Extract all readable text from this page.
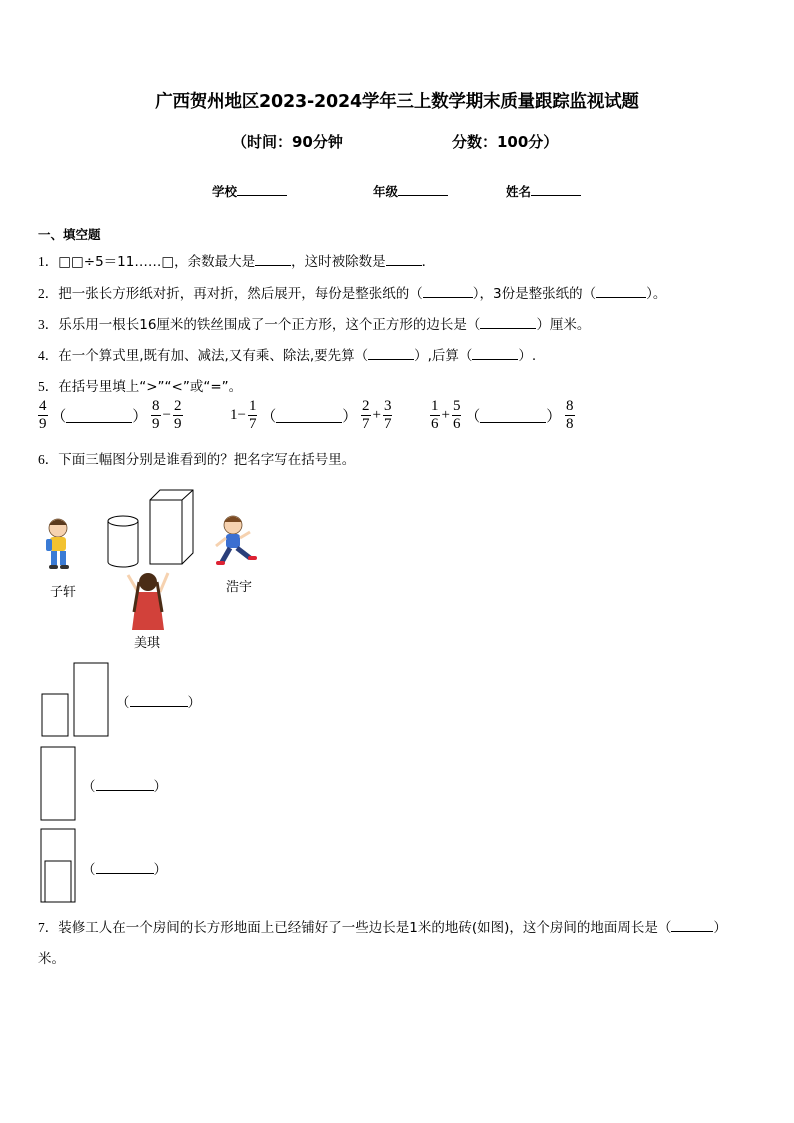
广西贺州地区2023-2024学年三上数学期末质量跟踪监视试题
（时间：90分钟	分数：100分）
学校	年级	姓名
一、填空题
1．□□÷5＝11……□，余数最大是	，这时被除数是	．
2．把一张长方形纸对折，再对折，然后展开，每份是整张纸的（	），3份是整张纸的（	）。
3．乐乐用一根长16厘米的铁丝围成了一个正方形，这个正方形的边长是（	）厘米。
4．在一个算式里,既有加、减法,又有乘、除法,要先算（	）,后算（	）.
5．在括号里填上“>”“<”或“=”。
$\frac{4}{9}$ （	） $\frac{8}{9} - \frac{2}{9}$	$1- \frac{1}{7}$ （	） $\frac{2}{7} + \frac{3}{7}$	$\frac{1}{6} + \frac{5}{6}$ （	） $\frac{8}{8}$
6．下面三幅图分别是谁看到的？把名字写在括号里。
子轩	浩宇
美琪
（	）
（	）
（	）
7．装修工人在一个房间的长方形地面上已经铺好了一些边长是1米的地砖(如图)，这个房间的地面周长是（	）
米。
